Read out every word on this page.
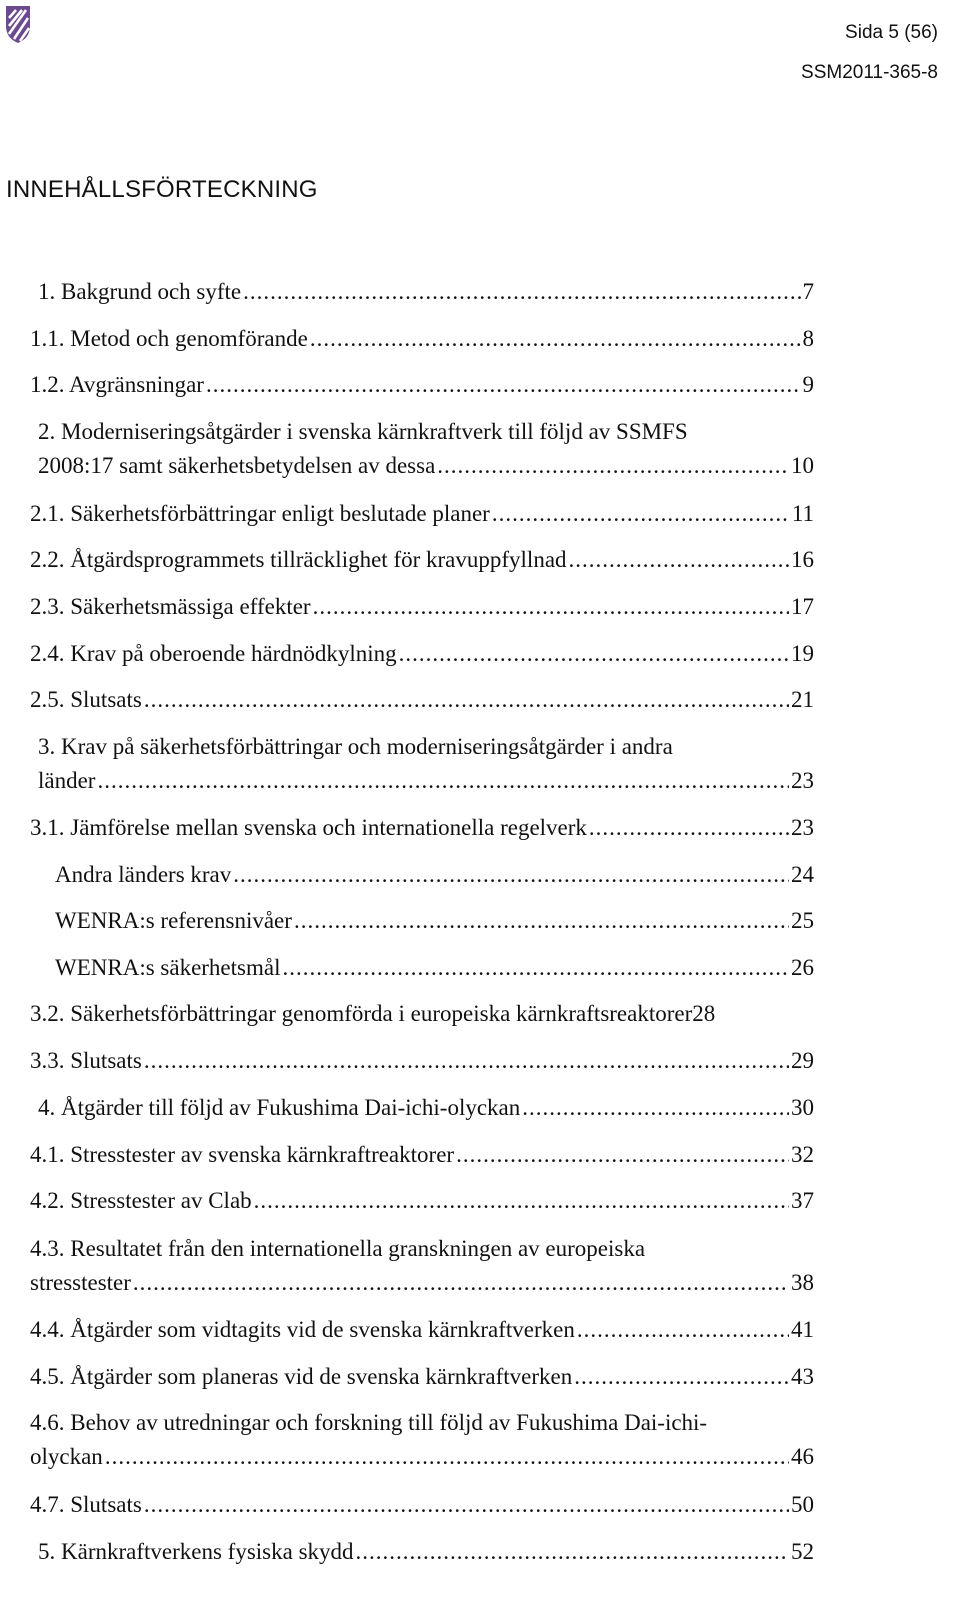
Sida 5 (56)
SSM2011-365-8
INNEHÅLLSFÖRTECKNING
1. Bakgrund och syfte .....	7
1.1. Metod och genomförande .....	8
1.2. Avgränsningar .....	9
2. Moderniseringsåtgärder i svenska kärnkraftverk till följd av SSMFS
2008:17 samt säkerhetsbetydelsen av dessa .....	10
2.1. Säkerhetsförbättringar enligt beslutade planer .....	11
2.2. Åtgärdsprogrammets tillräcklighet för kravuppfyllnad .....	16
2.3. Säkerhetsmässiga effekter .....	17
2.4. Krav på oberoende härdnödkylning .....	19
2.5. Slutsats .....	21
3. Krav på säkerhetsförbättringar och moderniseringsåtgärder i andra
länder .....	23
3.1. Jämförelse mellan svenska och internationella regelverk .....	23
Andra länders krav .....	24
WENRA:s referensnivåer .....	25
WENRA:s säkerhetsmål .....	26
3.2. Säkerhetsförbättringar genomförda i europeiska kärnkraftsreaktorer 28
3.3. Slutsats .....	29
4. Åtgärder till följd av Fukushima Dai-ichi-olyckan .....	30
4.1. Stresstester av svenska kärnkraftreaktorer .....	32
4.2. Stresstester av Clab .....	37
4.3. Resultatet från den internationella granskningen av europeiska
stresstester .....	38
4.4. Åtgärder som vidtagits vid de svenska kärnkraftverken .....	41
4.5. Åtgärder som planeras vid de svenska kärnkraftverken .....	43
4.6. Behov av utredningar och forskning till följd av Fukushima Dai-ichi-
olyckan .....	46
4.7. Slutsats .....	50
5. Kärnkraftverkens fysiska skydd .....	52
